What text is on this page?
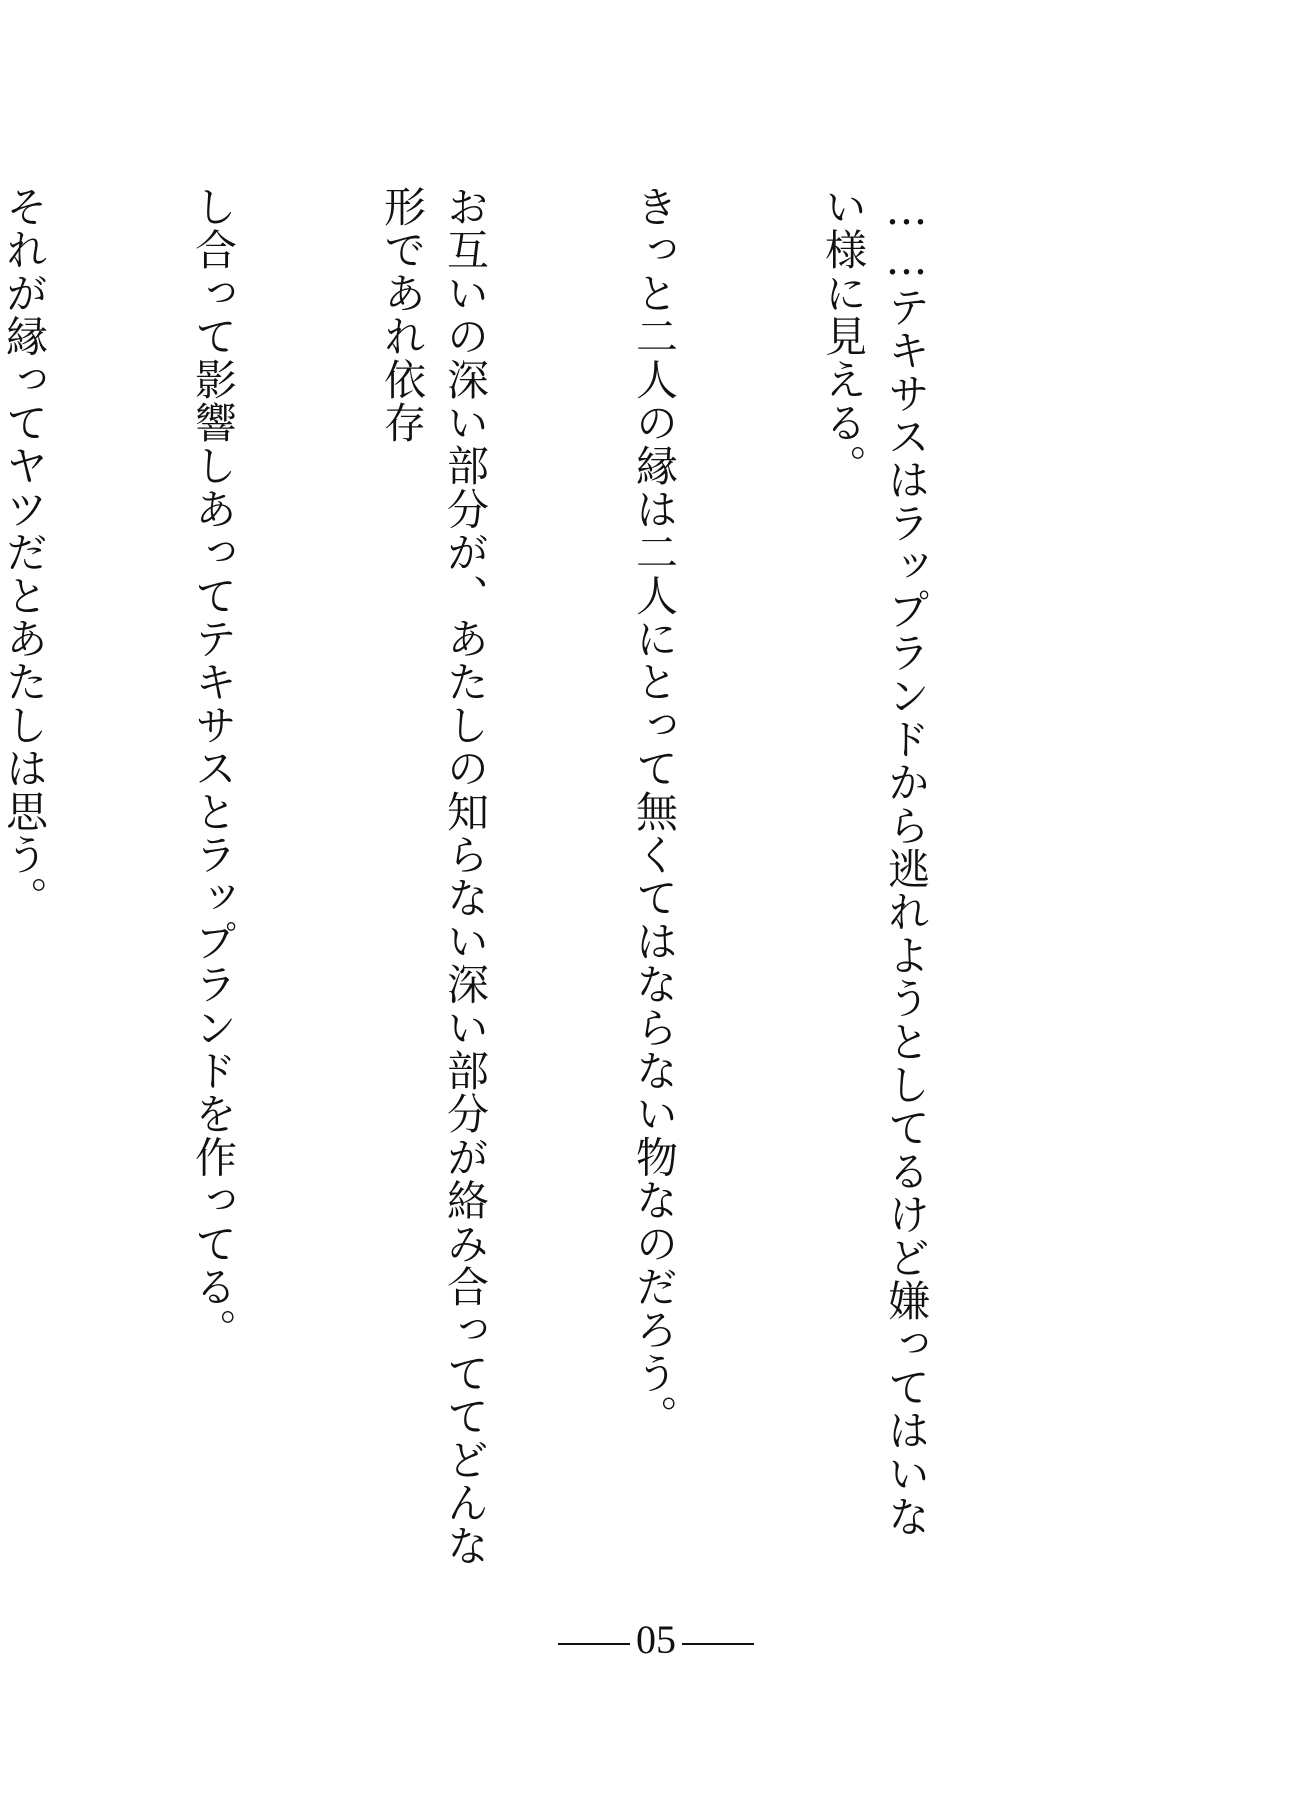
……テキサスはラップランドから逃れようとしてるけど嫌ってはいない様に見える。

きっと二人の縁は二人にとって無くてはならない物なのだろう。

お互いの深い部分が、あたしの知らない深い部分が絡み合っててどんな形であれ依存

し合って影響しあってテキサスとラップランドを作ってる。

それが縁ってヤツだとあたしは思う。

05
